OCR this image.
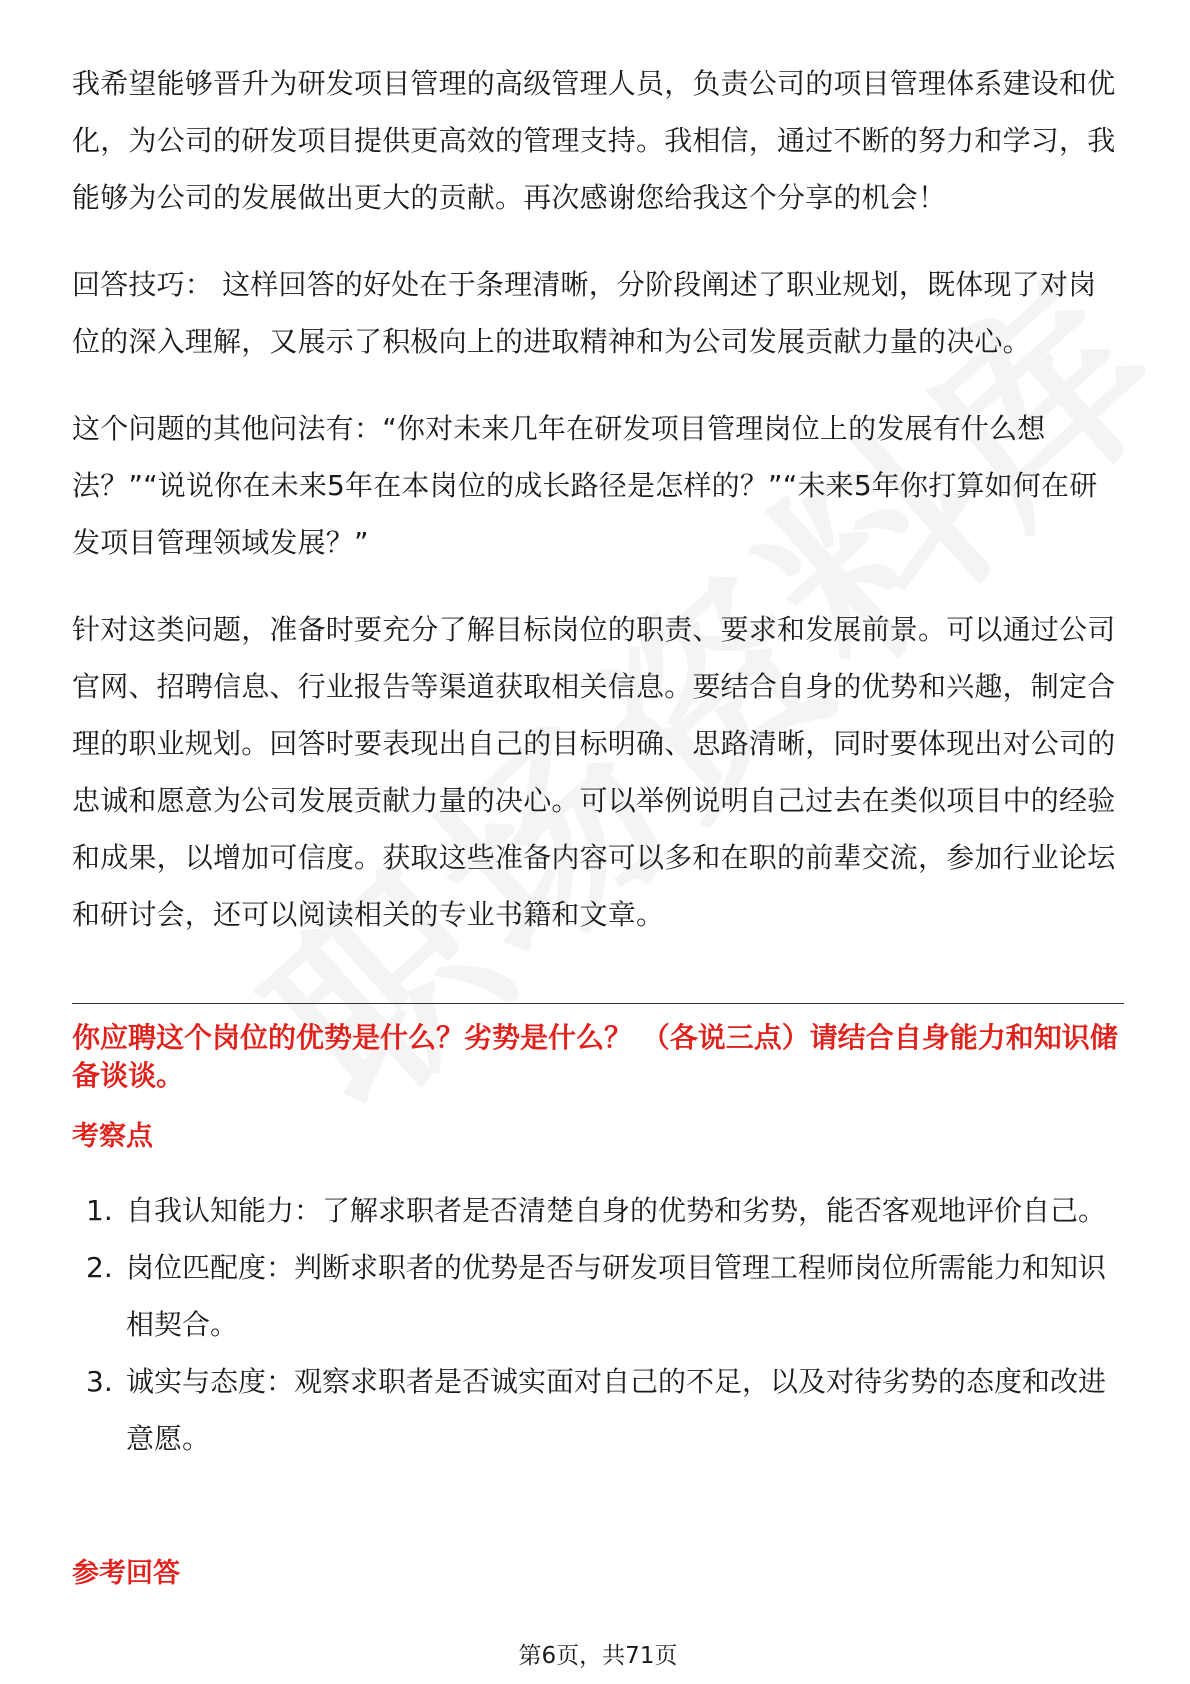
我希望能够晋升为研发项目管理的高级管理人员，负责公司的项目管理体系建设和优化，为公司的研发项目提供更高效的管理支持。我相信，通过不断的努力和学习，我能够为公司的发展做出更大的贡献。再次感谢您给我这个分享的机会！

回答技巧： 这样回答的好处在于条理清晰，分阶段阐述了职业规划，既体现了对岗位的深入理解，又展示了积极向上的进取精神和为公司发展贡献力量的决心。

这个问题的其他问法有：“你对未来几年在研发项目管理岗位上的发展有什么想法？”“说说你在未来5年在本岗位的成长路径是怎样的？”“未来5年你打算如何在研发项目管理领域发展？”

针对这类问题，准备时要充分了解目标岗位的职责、要求和发展前景。可以通过公司官网、招聘信息、行业报告等渠道获取相关信息。要结合自身的优势和兴趣，制定合理的职业规划。回答时要表现出自己的目标明确、思路清晰，同时要体现出对公司的忠诚和愿意为公司发展贡献力量的决心。可以举例说明自己过去在类似项目中的经验和成果，以增加可信度。获取这些准备内容可以多和在职的前辈交流，参加行业论坛和研讨会，还可以阅读相关的专业书籍和文章。

你应聘这个岗位的优势是什么？劣势是什么？ （各说三点）请结合自身能力和知识储备谈谈。
考察点
1. 自我认知能力：了解求职者是否清楚自身的优势和劣势，能否客观地评价自己。
2. 岗位匹配度：判断求职者的优势是否与研发项目管理工程师岗位所需能力和知识相契合。
3. 诚实与态度：观察求职者是否诚实面对自己的不足，以及对待劣势的态度和改进意愿。
参考回答
第6页，共71页
